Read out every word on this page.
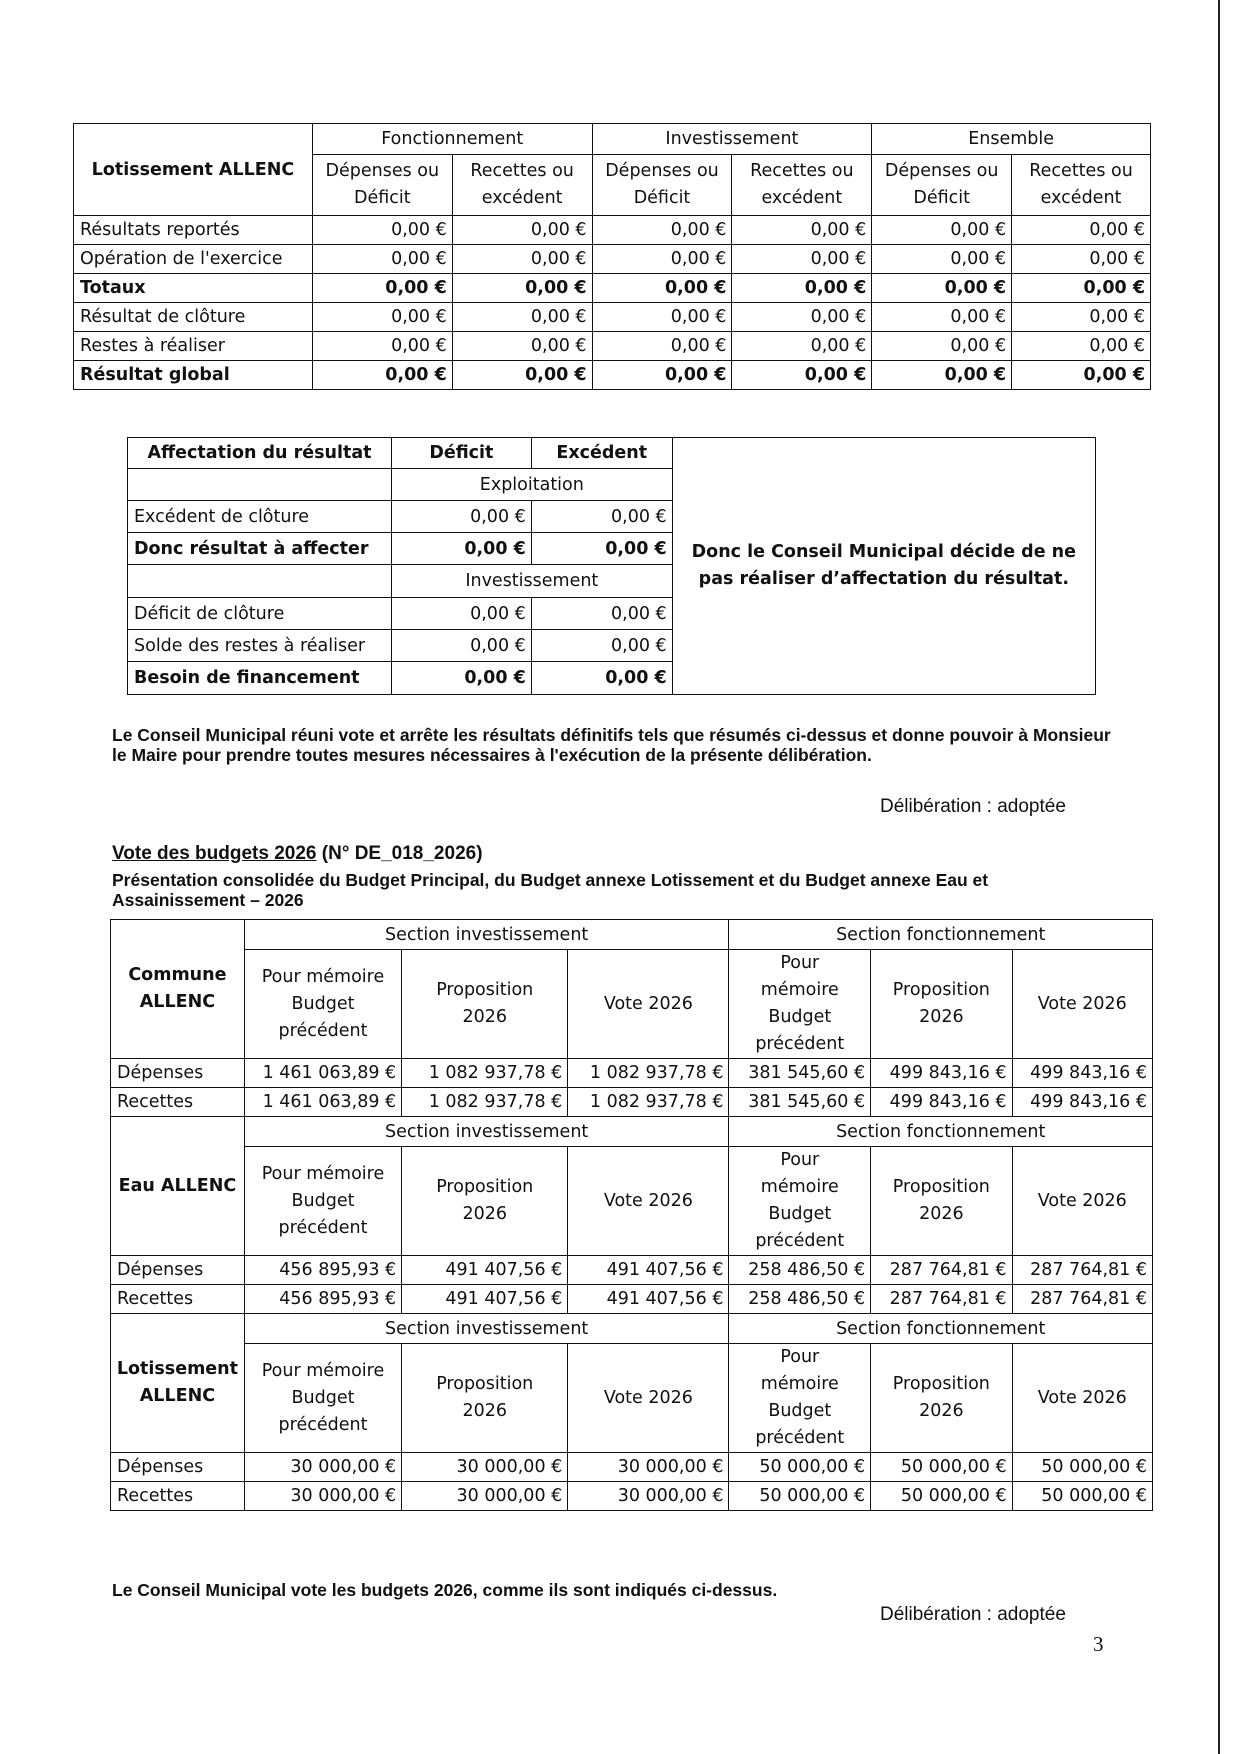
Lotissement ALLENC	Fonctionnement		Investissement		Ensemble	
	Dépenses ou Déficit	Recettes ou excédent	Dépenses ou Déficit	Recettes ou excédent	Dépenses ou Déficit	Recettes ou excédent
Résultats reportés	0,00 €	0,00 €	0,00 €	0,00 €	0,00 €	0,00 €
Opération de l'exercice	0,00 €	0,00 €	0,00 €	0,00 €	0,00 €	0,00 €
Totaux	0,00 €	0,00 €	0,00 €	0,00 €	0,00 €	0,00 €
Résultat de clôture	0,00 €	0,00 €	0,00 €	0,00 €	0,00 €	0,00 €
Restes à réaliser	0,00 €	0,00 €	0,00 €	0,00 €	0,00 €	0,00 €
Résultat global	0,00 €	0,00 €	0,00 €	0,00 €	0,00 €	0,00 €
Affectation du résultat	Déficit	Excédent	Donc le Conseil Municipal décide de ne pas réaliser d’affectation du résultat.
	Exploitation		
Excédent de clôture	0,00 €	0,00 €	
Donc résultat à affecter	0,00 €	0,00 €	
	Investissement		
Déficit de clôture	0,00 €	0,00 €	
Solde des restes à réaliser	0,00 €	0,00 €	
Besoin de financement	0,00 €	0,00 €	
Le Conseil Municipal réuni vote et arrête les résultats définitifs tels que résumés ci-dessus et donne pouvoir à Monsieur le Maire pour prendre toutes mesures nécessaires à l'exécution de la présente délibération.
Délibération : adoptée
Vote des budgets 2026 (N° DE_018_2026)
Présentation consolidée du Budget Principal, du Budget annexe Lotissement et du Budget annexe Eau et Assainissement – 2026
Commune ALLENC	Section investissement			Section fonctionnement		
	Pour mémoire Budget précédent	Proposition 2026	Vote 2026	Pour mémoire Budget précédent	Proposition 2026	Vote 2026
Dépenses	1 461 063,89 €	1 082 937,78 €	1 082 937,78 €	381 545,60 €	499 843,16 €	499 843,16 €
Recettes	1 461 063,89 €	1 082 937,78 €	1 082 937,78 €	381 545,60 €	499 843,16 €	499 843,16 €
Eau ALLENC	Section investissement			Section fonctionnement		
	Pour mémoire Budget précédent	Proposition 2026	Vote 2026	Pour mémoire Budget précédent	Proposition 2026	Vote 2026
Dépenses	456 895,93 €	491 407,56 €	491 407,56 €	258 486,50 €	287 764,81 €	287 764,81 €
Recettes	456 895,93 €	491 407,56 €	491 407,56 €	258 486,50 €	287 764,81 €	287 764,81 €
Lotissement ALLENC	Section investissement			Section fonctionnement		
	Pour mémoire Budget précédent	Proposition 2026	Vote 2026	Pour mémoire Budget précédent	Proposition 2026	Vote 2026
Dépenses	30 000,00 €	30 000,00 €	30 000,00 €	50 000,00 €	50 000,00 €	50 000,00 €
Recettes	30 000,00 €	30 000,00 €	30 000,00 €	50 000,00 €	50 000,00 €	50 000,00 €
Le Conseil Municipal vote les budgets 2026, comme ils sont indiqués ci-dessus.
Délibération : adoptée
3
